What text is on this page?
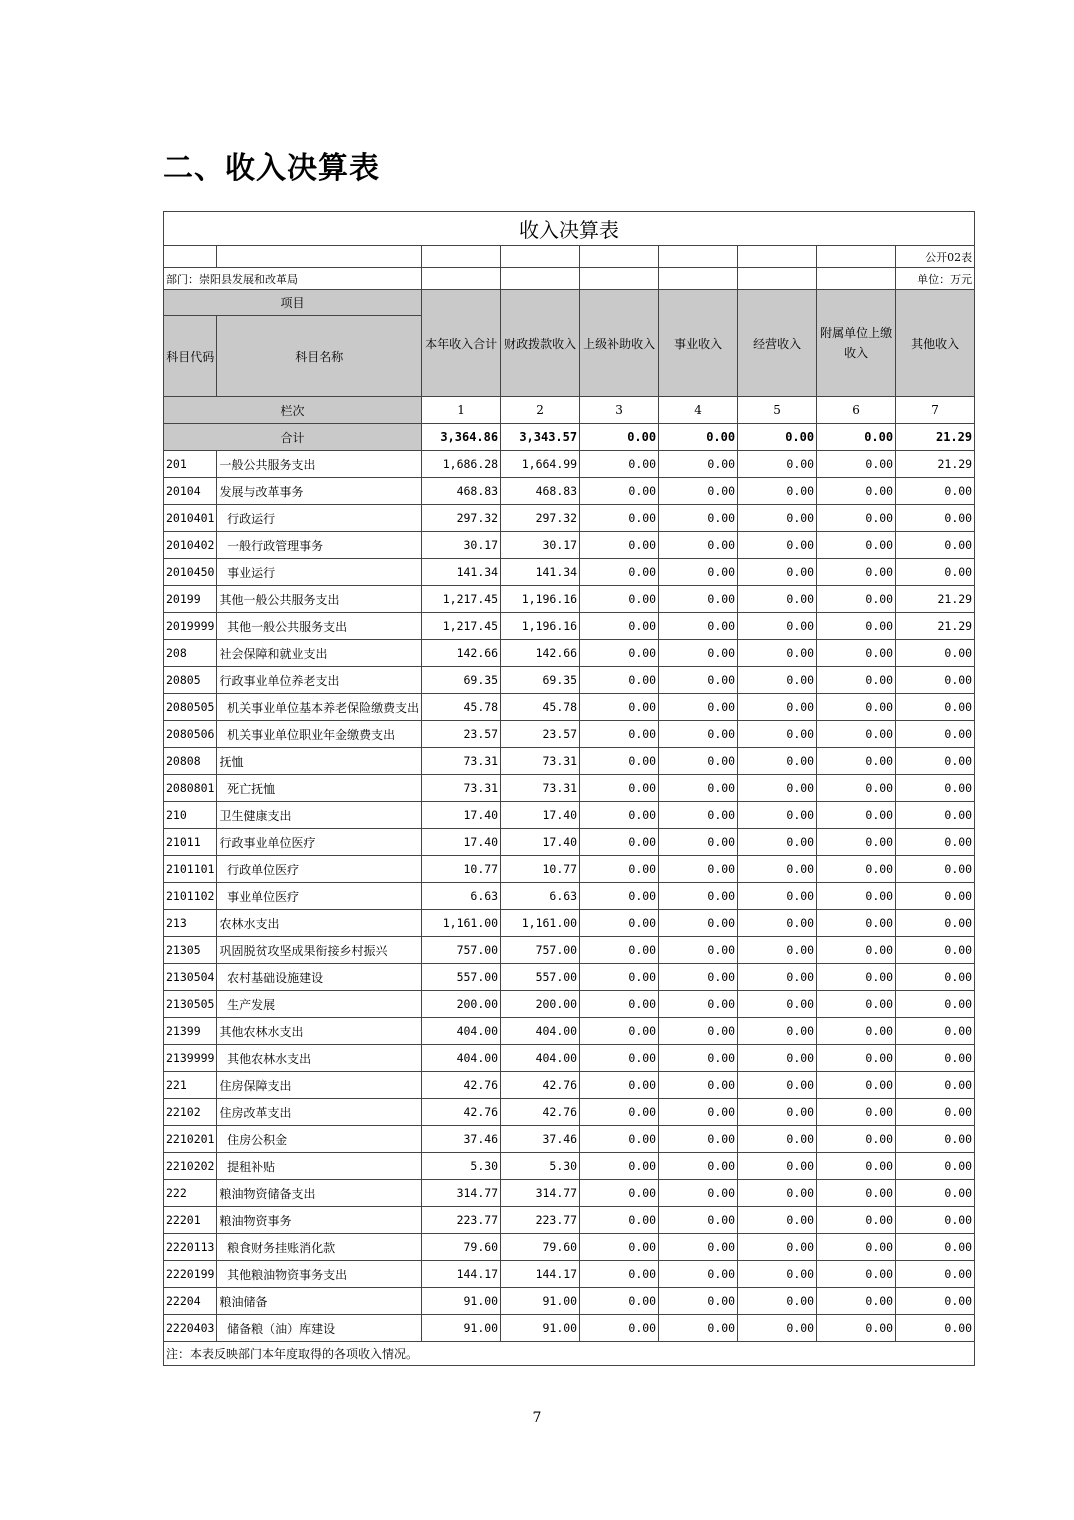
二、收入决算表
收入决算表								
								公开02表
部门：崇阳县发展和改革局								单位：万元
项目		本年收入合计	财政拨款收入	上级补助收入	事业收入	经营收入	附属单位上缴收入	其他收入
科目代码	科目名称							
栏次		1	2	3	4	5	6	7
合计		3,364.86	3,343.57	0.00	0.00	0.00	0.00	21.29
201	一般公共服务支出	1,686.28	1,664.99	0.00	0.00	0.00	0.00	21.29
20104	发展与改革事务	468.83	468.83	0.00	0.00	0.00	0.00	0.00
2010401	行政运行	297.32	297.32	0.00	0.00	0.00	0.00	0.00
2010402	一般行政管理事务	30.17	30.17	0.00	0.00	0.00	0.00	0.00
2010450	事业运行	141.34	141.34	0.00	0.00	0.00	0.00	0.00
20199	其他一般公共服务支出	1,217.45	1,196.16	0.00	0.00	0.00	0.00	21.29
2019999	其他一般公共服务支出	1,217.45	1,196.16	0.00	0.00	0.00	0.00	21.29
208	社会保障和就业支出	142.66	142.66	0.00	0.00	0.00	0.00	0.00
20805	行政事业单位养老支出	69.35	69.35	0.00	0.00	0.00	0.00	0.00
2080505	机关事业单位基本养老保险缴费支出	45.78	45.78	0.00	0.00	0.00	0.00	0.00
2080506	机关事业单位职业年金缴费支出	23.57	23.57	0.00	0.00	0.00	0.00	0.00
20808	抚恤	73.31	73.31	0.00	0.00	0.00	0.00	0.00
2080801	死亡抚恤	73.31	73.31	0.00	0.00	0.00	0.00	0.00
210	卫生健康支出	17.40	17.40	0.00	0.00	0.00	0.00	0.00
21011	行政事业单位医疗	17.40	17.40	0.00	0.00	0.00	0.00	0.00
2101101	行政单位医疗	10.77	10.77	0.00	0.00	0.00	0.00	0.00
2101102	事业单位医疗	6.63	6.63	0.00	0.00	0.00	0.00	0.00
213	农林水支出	1,161.00	1,161.00	0.00	0.00	0.00	0.00	0.00
21305	巩固脱贫攻坚成果衔接乡村振兴	757.00	757.00	0.00	0.00	0.00	0.00	0.00
2130504	农村基础设施建设	557.00	557.00	0.00	0.00	0.00	0.00	0.00
2130505	生产发展	200.00	200.00	0.00	0.00	0.00	0.00	0.00
21399	其他农林水支出	404.00	404.00	0.00	0.00	0.00	0.00	0.00
2139999	其他农林水支出	404.00	404.00	0.00	0.00	0.00	0.00	0.00
221	住房保障支出	42.76	42.76	0.00	0.00	0.00	0.00	0.00
22102	住房改革支出	42.76	42.76	0.00	0.00	0.00	0.00	0.00
2210201	住房公积金	37.46	37.46	0.00	0.00	0.00	0.00	0.00
2210202	提租补贴	5.30	5.30	0.00	0.00	0.00	0.00	0.00
222	粮油物资储备支出	314.77	314.77	0.00	0.00	0.00	0.00	0.00
22201	粮油物资事务	223.77	223.77	0.00	0.00	0.00	0.00	0.00
2220113	粮食财务挂账消化款	79.60	79.60	0.00	0.00	0.00	0.00	0.00
2220199	其他粮油物资事务支出	144.17	144.17	0.00	0.00	0.00	0.00	0.00
22204	粮油储备	91.00	91.00	0.00	0.00	0.00	0.00	0.00
2220403	储备粮（油）库建设	91.00	91.00	0.00	0.00	0.00	0.00	0.00
注：本表反映部门本年度取得的各项收入情况。								
7
